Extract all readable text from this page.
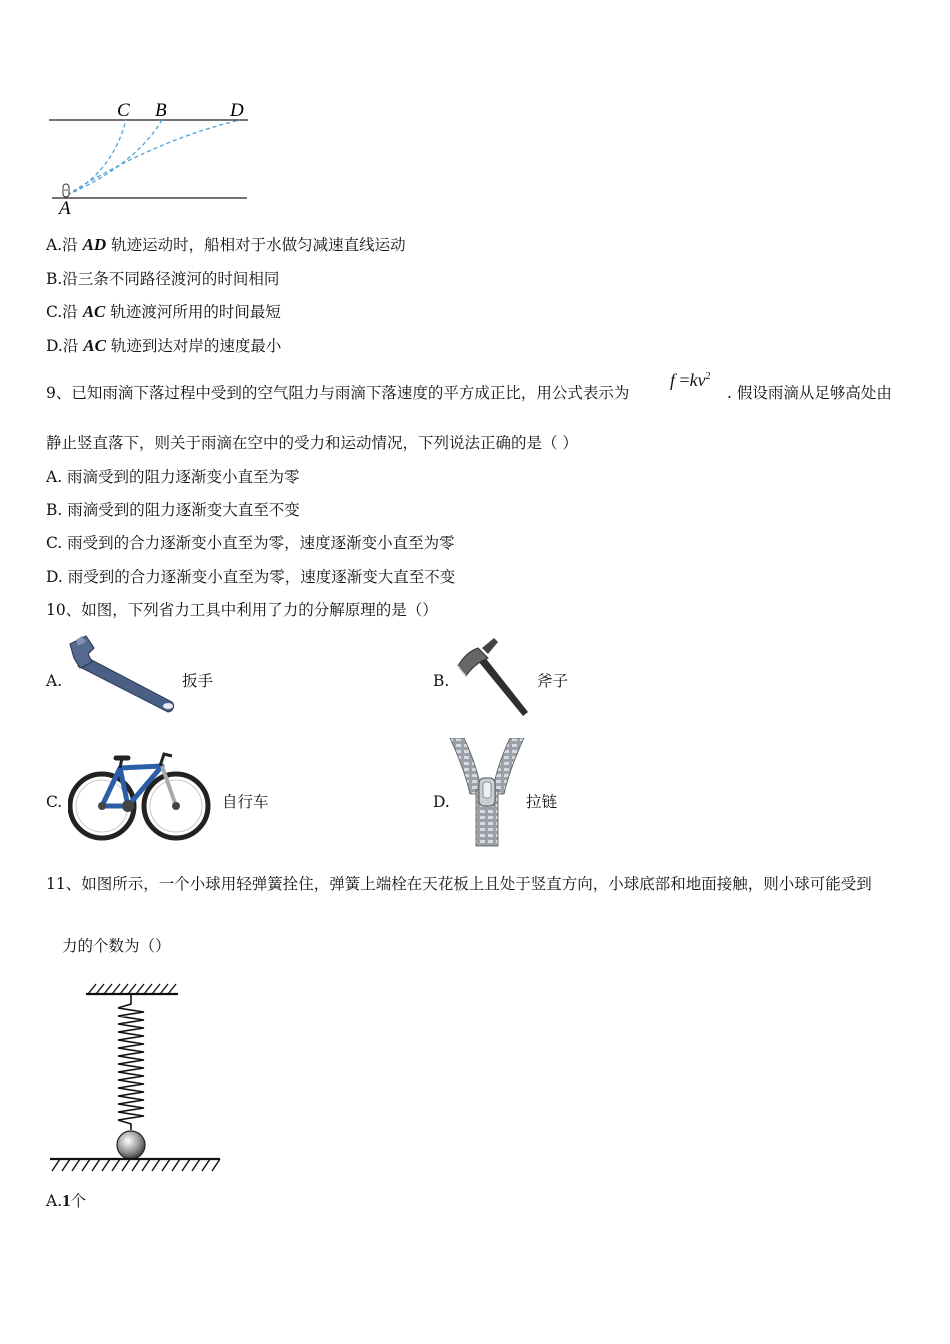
C B	D
A
A.沿 AD 轨迹运动时，船相对于水做匀减速直线运动
B.沿三条不同路径渡河的时间相同
C.沿 AC 轨迹渡河所用的时间最短
D.沿 AC 轨迹到达对岸的速度最小
9、已知雨滴下落过程中受到的空气阻力与雨滴下落速度的平方成正比，用公式表示为
$f =kv^2$
. 假设雨滴从足够高处由
静止竖直落下，则关于雨滴在空中的受力和运动情况，下列说法正确的是（ ）
A. 雨滴受到的阻力逐渐变小直至为零
B. 雨滴受到的阻力逐渐变大直至不变
C. 雨受到的合力逐渐变小直至为零，速度逐渐变小直至为零
D. 雨受到的合力逐渐变小直至为零，速度逐渐变大直至不变
10、如图，下列省力工具中利用了力的分解原理的是（）
A.	扳手	B.	斧子
C.	自行车	D.	拉链
11、如图所示，一个小球用轻弹簧拴住，弹簧上端栓在天花板上且处于竖直方向，小球底部和地面接触，则小球可能受到
力的个数为（）
A.1个
